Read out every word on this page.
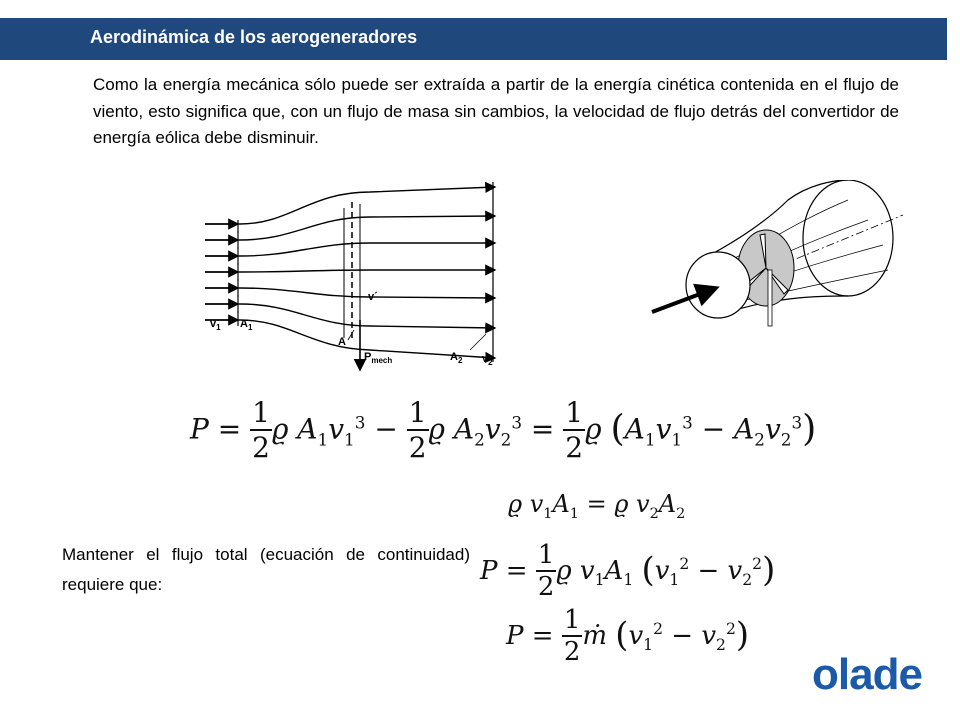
Aerodinámica de los aerogeneradores
Como la energía mecánica sólo puede ser extraída a partir de la energía cinética contenida en el flujo de viento, esto significa que, con un flujo de masa sin cambios, la velocidad de flujo detrás del convertidor de energía eólica debe disminuir.
$v_1$ $A_1$
v´
A
$P_{mech}$	$A_2$ $v_2$
$P = \frac{1}{2}$ ϱ $A_1v_1^3 - \frac{1}{2}$ ϱ $A_2v_2^3 = \frac{1}{2}$ ϱ $(A_1v_1^3 - A_2v_2^3)$
ϱ $v_1A_1 = ϱ$ $v_2A_2$
$P = \frac{1}{2}$ ϱ $v_1A_1$ $(v_1^2 - v_2^2)$
$P = \frac{1}{2}$ ṁ $(v_1^2 - v_2^2)$
Mantener el flujo total (ecuación de continuidad) requiere que:
olade
